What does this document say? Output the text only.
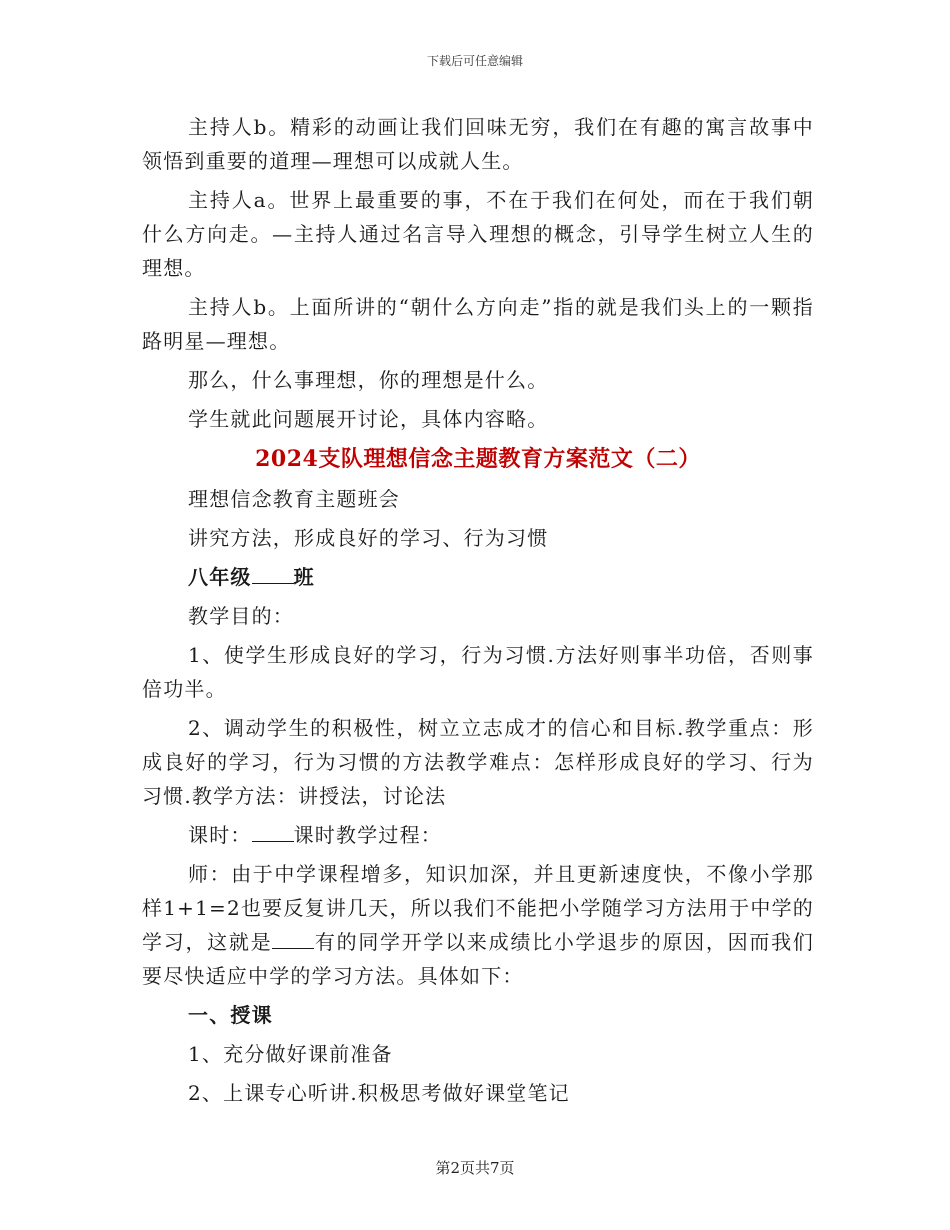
下载后可任意编辑

主持人b。精彩的动画让我们回味无穷，我们在有趣的寓言故事中领悟到重要的道理—理想可以成就人生。

主持人a。世界上最重要的事，不在于我们在何处，而在于我们朝什么方向走。—主持人通过名言导入理想的概念，引导学生树立人生的理想。

主持人b。上面所讲的“朝什么方向走”指的就是我们头上的一颗指路明星—理想。

那么，什么事理想，你的理想是什么。

学生就此问题展开讨论，具体内容略。

2024支队理想信念主题教育方案范文（二）

理想信念教育主题班会

讲究方法，形成良好的学习、行为习惯

八年级 班

教学目的：

1、使学生形成良好的学习，行为习惯.方法好则事半功倍，否则事倍功半。

2、调动学生的积极性，树立立志成才的信心和目标.教学重点：形成良好的学习，行为习惯的方法教学难点：怎样形成良好的学习、行为习惯.教学方法：讲授法，讨论法

课时： 课时教学过程：

师：由于中学课程增多，知识加深，并且更新速度快，不像小学那样1+1=2也要反复讲几天，所以我们不能把小学随学习方法用于中学的学习，这就是 有的同学开学以来成绩比小学退步的原因，因而我们要尽快适应中学的学习方法。具体如下：

一、授课

1、充分做好课前准备

2、上课专心听讲.积极思考做好课堂笔记

第2页共7页
